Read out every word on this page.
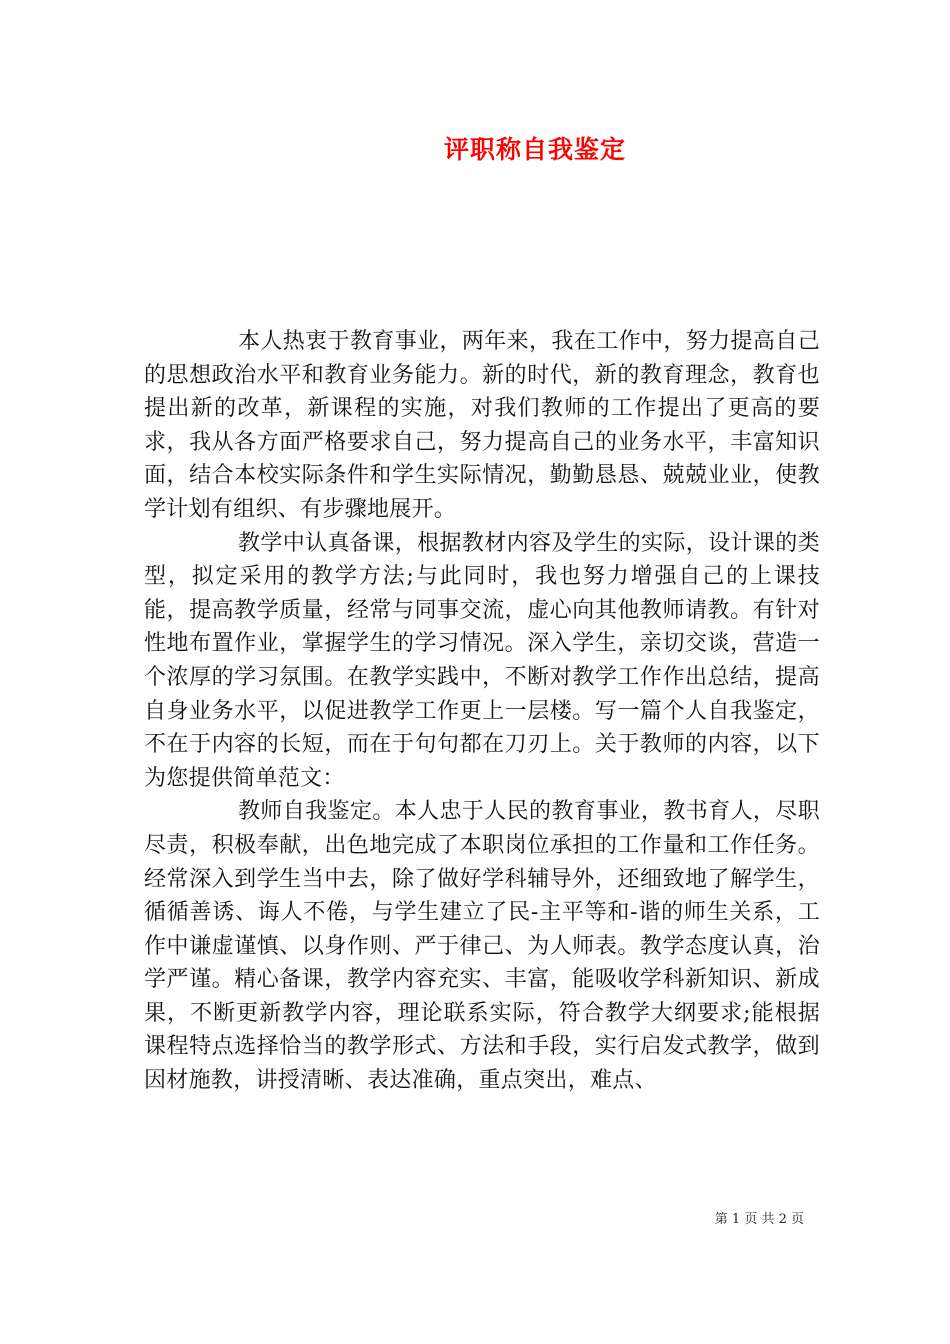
评职称自我鉴定

本人热衷于教育事业，两年来，我在工作中，努力提高自己的思想政治水平和教育业务能力。新的时代，新的教育理念，教育也提出新的改革，新课程的实施，对我们教师的工作提出了更高的要求，我从各方面严格要求自己，努力提高自己的业务水平，丰富知识面，结合本校实际条件和学生实际情况，勤勤恳恳、兢兢业业，使教学计划有组织、有步骤地展开。

教学中认真备课，根据教材内容及学生的实际，设计课的类型，拟定采用的教学方法;与此同时，我也努力增强自己的上课技能，提高教学质量，经常与同事交流，虚心向其他教师请教。有针对性地布置作业，掌握学生的学习情况。深入学生，亲切交谈，营造一个浓厚的学习氛围。在教学实践中，不断对教学工作作出总结，提高自身业务水平，以促进教学工作更上一层楼。写一篇个人自我鉴定，不在于内容的长短，而在于句句都在刀刃上。关于教师的内容，以下为您提供简单范文：

教师自我鉴定。本人忠于人民的教育事业，教书育人，尽职尽责，积极奉献，出色地完成了本职岗位承担的工作量和工作任务。经常深入到学生当中去，除了做好学科辅导外，还细致地了解学生，循循善诱、诲人不倦，与学生建立了民-主平等和-谐的师生关系，工作中谦虚谨慎、以身作则、严于律己、为人师表。教学态度认真，治学严谨。精心备课，教学内容充实、丰富，能吸收学科新知识、新成果，不断更新教学内容，理论联系实际，符合教学大纲要求;能根据课程特点选择恰当的教学形式、方法和手段，实行启发式教学，做到因材施教，讲授清晰、表达准确，重点突出，难点、

第 1 页 共 2 页
